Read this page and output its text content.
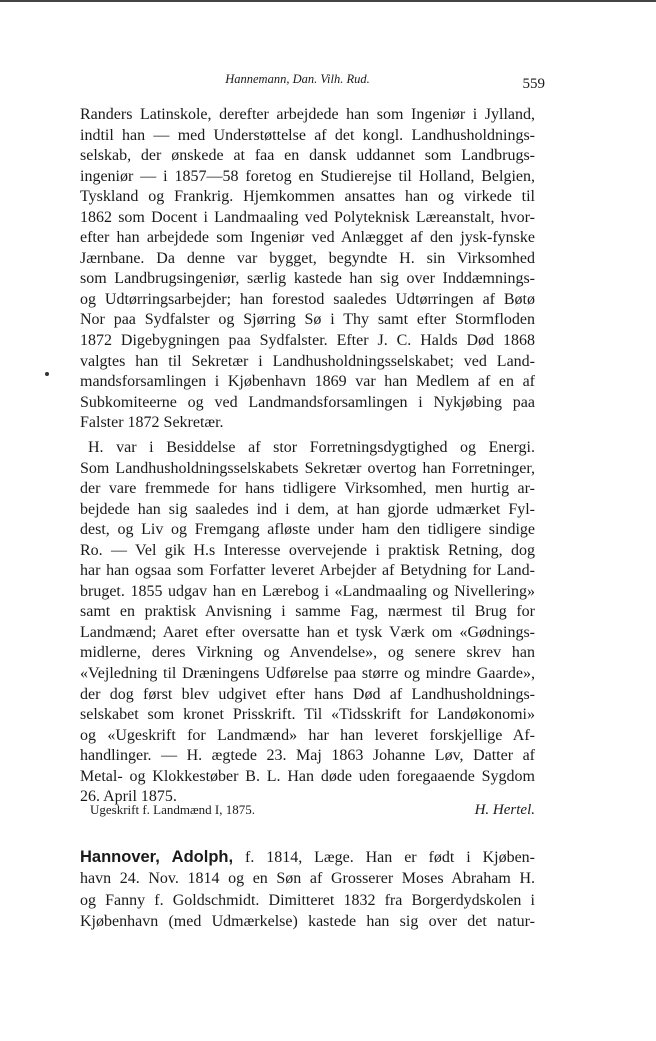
Hannemann, Dan. Vilh. Rud.	559
Randers Latinskole, derefter arbejdede han som Ingeniør i Jylland,
indtil han — med Understøttelse af det kongl. Landhusholdnings-
selskab, der ønskede at faa en dansk uddannet som Landbrugs-
ingeniør — i 1857—58 foretog en Studierejse til Holland, Belgien,
Tyskland og Frankrig. Hjemkommen ansattes han og virkede til
1862 som Docent i Landmaaling ved Polyteknisk Læreanstalt, hvor-
efter han arbejdede som Ingeniør ved Anlægget af den jysk-fynske
Jærnbane. Da denne var bygget, begyndte H. sin Virksomhed
som Landbrugsingeniør, særlig kastede han sig over Inddæmnings-
og Udtørringsarbejder; han forestod saaledes Udtørringen af Bøtø
Nor paa Sydfalster og Sjørring Sø i Thy samt efter Stormfloden
1872 Digebygningen paa Sydfalster. Efter J. C. Halds Død 1868
valgtes han til Sekretær i Landhusholdningsselskabet; ved Land-
mandsforsamlingen i Kjøbenhavn 1869 var han Medlem af en af
Subkomiteerne og ved Landmandsforsamlingen i Nykjøbing paa
Falster 1872 Sekretær.
H. var i Besiddelse af stor Forretningsdygtighed og Energi.
Som Landhusholdningsselskabets Sekretær overtog han Forretninger,
der vare fremmede for hans tidligere Virksomhed, men hurtig ar-
bejdede han sig saaledes ind i dem, at han gjorde udmærket Fyl-
dest, og Liv og Fremgang afløste under ham den tidligere sindige
Ro. — Vel gik H.s Interesse overvejende i praktisk Retning, dog
har han ogsaa som Forfatter leveret Arbejder af Betydning for Land-
bruget. 1855 udgav han en Lærebog i «Landmaaling og Nivellering»
samt en praktisk Anvisning i samme Fag, nærmest til Brug for
Landmænd; Aaret efter oversatte han et tysk Værk om «Gødnings-
midlerne, deres Virkning og Anvendelse», og senere skrev han
«Vejledning til Dræningens Udførelse paa større og mindre Gaarde»,
der dog først blev udgivet efter hans Død af Landhusholdnings-
selskabet som kronet Prisskrift. Til «Tidsskrift for Landøkonomi»
og «Ugeskrift for Landmænd» har han leveret forskjellige Af-
handlinger. — H. ægtede 23. Maj 1863 Johanne Løv, Datter af
Metal- og Klokkestøber B. L. Han døde uden foregaaende Sygdom
26. April 1875.
Ugeskrift f. Landmænd I, 1875.	H. Hertel.
Hannover, Adolph, f. 1814, Læge. Han er født i Kjøben-
havn 24. Nov. 1814 og en Søn af Grosserer Moses Abraham H.
og Fanny f. Goldschmidt. Dimitteret 1832 fra Borgerdydskolen i
Kjøbenhavn (med Udmærkelse) kastede han sig over det natur-
